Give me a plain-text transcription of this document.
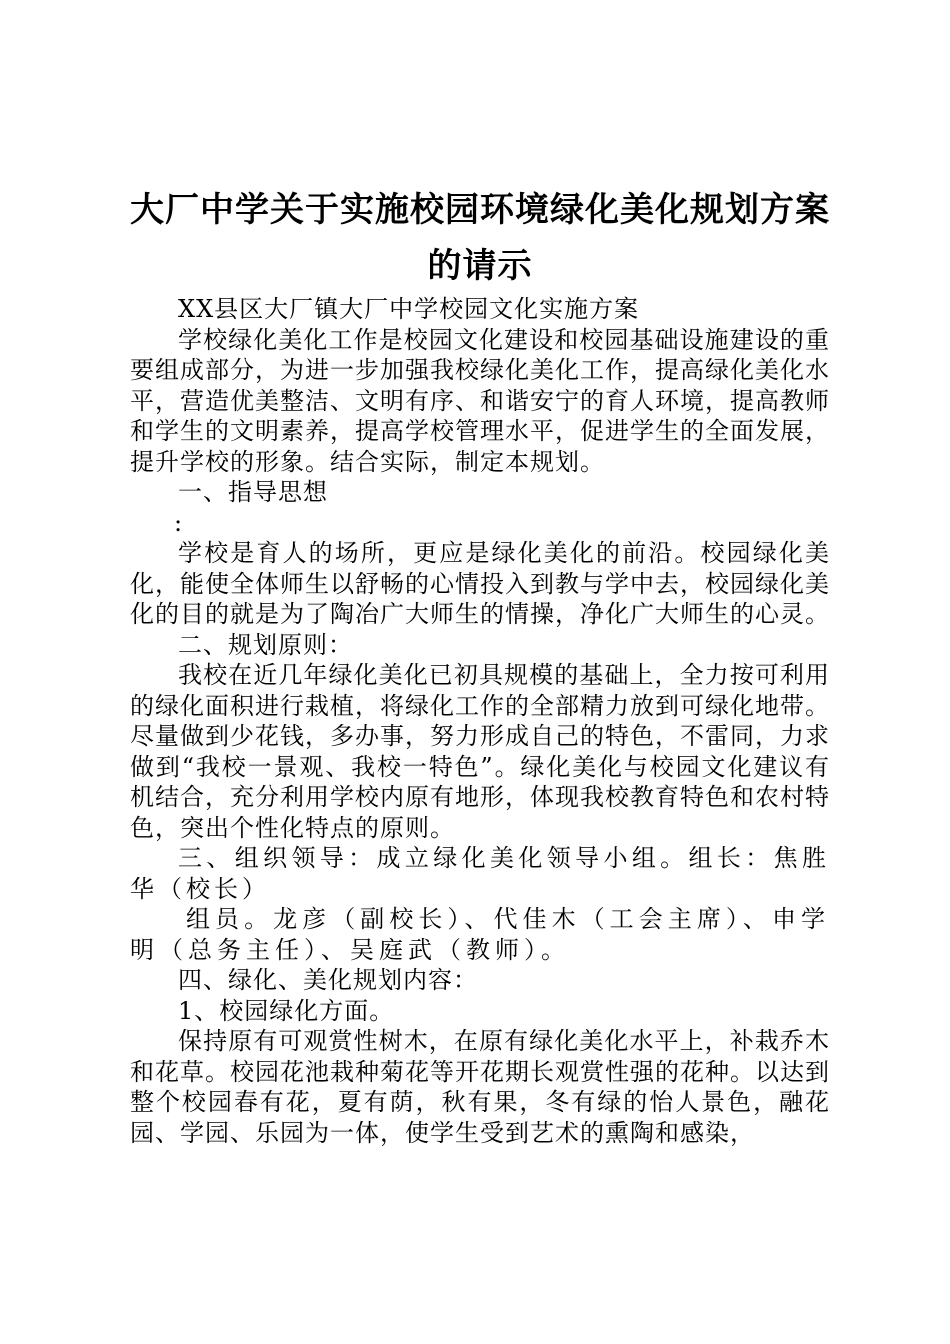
大厂中学关于实施校园环境绿化美化规划方案
的请示

XX县区大厂镇大厂中学校园文化实施方案

学校绿化美化工作是校园文化建设和校园基础设施建设的重要组成部分，为进一步加强我校绿化美化工作，提高绿化美化水平，营造优美整洁、文明有序、和谐安宁的育人环境，提高教师和学生的文明素养，提高学校管理水平，促进学生的全面发展，提升学校的形象。结合实际，制定本规划。

一、指导思想

:

学校是育人的场所，更应是绿化美化的前沿。校园绿化美化，能使全体师生以舒畅的心情投入到教与学中去，校园绿化美化的目的就是为了陶冶广大师生的情操，净化广大师生的心灵。

二、规划原则：

我校在近几年绿化美化已初具规模的基础上，全力按可利用的绿化面积进行栽植，将绿化工作的全部精力放到可绿化地带。尽量做到少花钱，多办事，努力形成自己的特色，不雷同，力求做到“我校一景观、我校一特色”。绿化美化与校园文化建议有机结合，充分利用学校内原有地形，体现我校教育特色和农村特色，突出个性化特点的原则。

三、组织领导：成立绿化美化领导小组。组长：焦胜华（校长）

组员。龙彦（副校长）、代佳木（工会主席）、申学明（总务主任）、吴庭武（教师）。

四、绿化、美化规划内容：

1、校园绿化方面。

保持原有可观赏性树木，在原有绿化美化水平上，补栽乔木和花草。校园花池栽种菊花等开花期长观赏性强的花种。以达到整个校园春有花，夏有荫，秋有果，冬有绿的怡人景色，融花园、学园、乐园为一体，使学生受到艺术的熏陶和感染，
